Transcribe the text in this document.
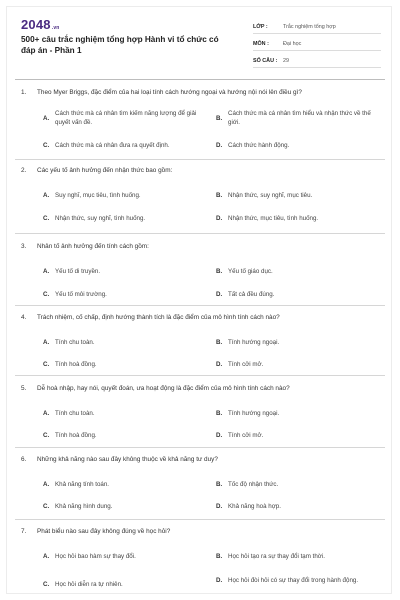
2048.vn
500+ câu trắc nghiệm tổng hợp Hành vi tổ chức có đáp án - Phần 1
LỚP :	Trắc nghiệm tổng hợp
MÔN :	Đại học
SỐ CÂU :	29
1. Theo Myer Briggs, đặc điểm của hai loại tính cách hướng ngoại và hướng nội nói lên điều gì?
A.
Cách thức mà cá nhân tìm kiếm năng lượng để giải quyết vấn đề.
B.
Cách thức mà cá nhân tìm hiểu và nhận thức về thế giới.
C. Cách thức mà cá nhân đưa ra quyết định.	D. Cách thức hành động.
2. Các yếu tố ảnh hưởng đến nhận thức bao gồm:
A. Suy nghĩ, mục tiêu, tình huống.	B. Nhận thức, suy nghĩ, mục tiêu.
C. Nhận thức, suy nghĩ, tình huống.	D. Nhận thức, mục tiêu, tình huống.
3. Nhân tố ảnh hưởng đến tính cách gồm:
A. Yếu tố di truyền.	B. Yếu tố giáo dục.
C. Yếu tố môi trường.	D. Tất cả đều đúng.
4. Trách nhiệm, cố chấp, định hướng thành tích là đặc điểm của mô hình tính cách nào?
A. Tính chu toàn.	B. Tính hướng ngoại.
C. Tính hoà đồng.	D. Tính cởi mở.
5. Dễ hoà nhập, hay nói, quyết đoán, ưa hoạt động là đặc điểm của mô hình tính cách nào?
A. Tính chu toàn.	B. Tính hướng ngoại.
C. Tính hoà đồng.	D. Tính cởi mở.
6. Những khả năng nào sau đây không thuộc về khả năng tư duy?
A. Khả năng tính toán.	B. Tốc độ nhận thức.
C. Khả năng hình dung.	D. Khả năng hoà hợp.
7. Phát biểu nào sau đây không đúng về học hỏi?
A. Học hỏi bao hàm sự thay đổi.	B. Học hỏi tạo ra sự thay đổi tạm thời.
C. Học hỏi diễn ra tự nhiên.
D. Học hỏi đòi hỏi có sự thay đổi trong hành động.
